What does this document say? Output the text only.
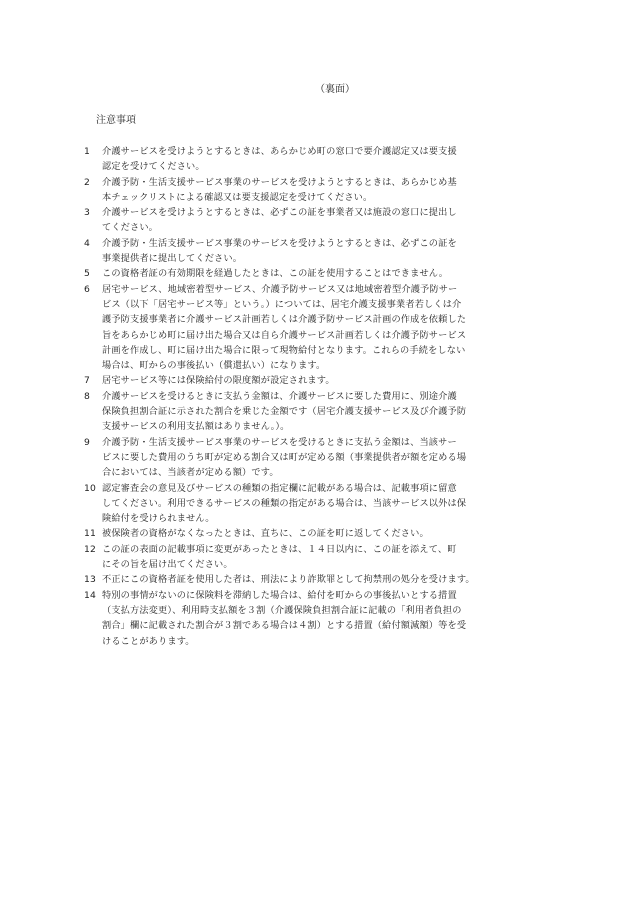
（裏面）
注意事項
1	介護サービスを受けようとするときは、あらかじめ町の窓口で要介護認定又は要支援
認定を受けてください。
2	介護予防・生活支援サービス事業のサービスを受けようとするときは、あらかじめ基
本チェックリストによる確認又は要支援認定を受けてください。
3	介護サービスを受けようとするときは、必ずこの証を事業者又は施設の窓口に提出し
てください。
4	介護予防・生活支援サービス事業のサービスを受けようとするときは、必ずこの証を
事業提供者に提出してください。
5	この資格者証の有効期限を経過したときは、この証を使用することはできません。
6	居宅サービス、地域密着型サービス、介護予防サービス又は地域密着型介護予防サー
ビス（以下「居宅サービス等」という。）については、居宅介護支援事業者若しくは介
護予防支援事業者に介護サービス計画若しくは介護予防サービス計画の作成を依頼した
旨をあらかじめ町に届け出た場合又は自ら介護サービス計画若しくは介護予防サービス
計画を作成し、町に届け出た場合に限って現物給付となります。これらの手続をしない
場合は、町からの事後払い（償還払い）になります。
7	居宅サービス等には保険給付の限度額が設定されます。
8	介護サービスを受けるときに支払う金額は、介護サービスに要した費用に、別途介護
保険負担割合証に示された割合を乗じた金額です（居宅介護支援サービス及び介護予防
支援サービスの利用支払額はありません。）。
9	介護予防・生活支援サービス事業のサービスを受けるときに支払う金額は、当該サー
ビスに要した費用のうち町が定める割合又は町が定める額（事業提供者が額を定める場
合においては、当該者が定める額）です。
10 認定審査会の意見及びサービスの種類の指定欄に記載がある場合は、記載事項に留意
してください。利用できるサービスの種類の指定がある場合は、当該サービス以外は保
険給付を受けられません。
11 被保険者の資格がなくなったときは、直ちに、この証を町に返してください。
12 この証の表面の記載事項に変更があったときは、１４日以内に、この証を添えて、町
にその旨を届け出てください。
13 不正にこの資格者証を使用した者は、刑法により詐欺罪として拘禁刑の処分を受けます。
14 特別の事情がないのに保険料を滞納した場合は、給付を町からの事後払いとする措置
（支払方法変更）、利用時支払額を３割（介護保険負担割合証に記載の「利用者負担の
割合」欄に記載された割合が３割である場合は４割）とする措置（給付額減額）等を受
けることがあります。
